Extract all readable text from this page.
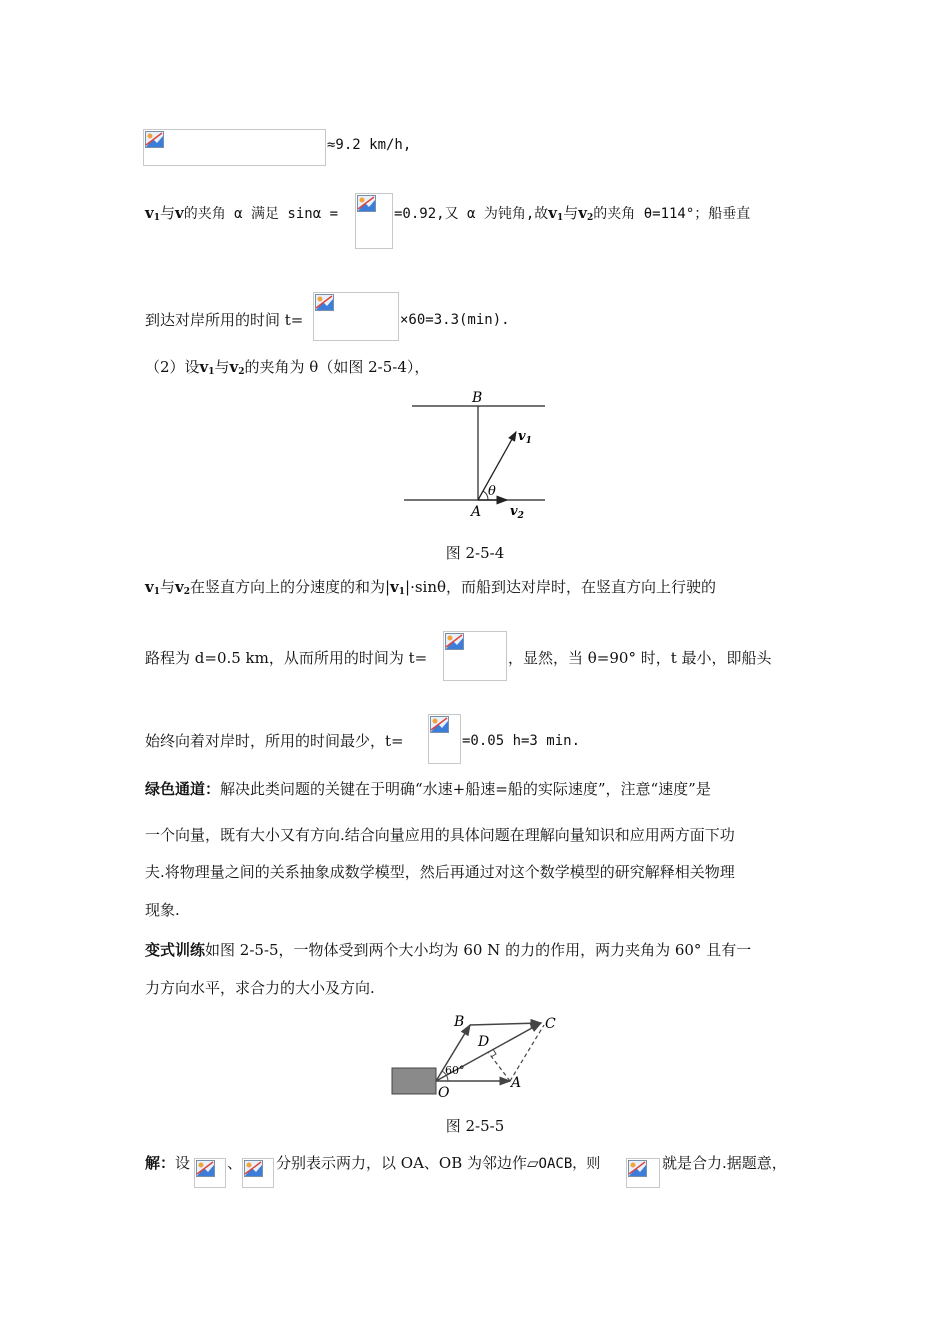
≈9.2 km/h,
$v_1$与v的夹角 α 满足 sinα =	=0.92,又 α 为钝角,故$v_1$与$v_2$的夹角 θ=114°；船垂直
到达对岸所用的时间 t=	×60=3.3(min).
（2）设$v_1$与$v_2$的夹角为 θ（如图 2-5-4），
B
A
θ
$v_1$
$v_2$
图 2-5-4
$v_1$与$v_2$在竖直方向上的分速度的和为$|v_1|\cdot\sin\theta$，而船到达对岸时，在竖直方向上行驶的
路程为 d=0.5 km，从而所用的时间为 t=	，显然，当 θ=90° 时，t 最小，即船头
始终向着对岸时，所用的时间最少，t=	=0.05 h=3 min.
绿色通道：解决此类问题的关键在于明确“水速+船速=船的实际速度”，注意“速度”是
一个向量，既有大小又有方向.结合向量应用的具体问题在理解向量知识和应用两方面下功
夫.将物理量之间的关系抽象成数学模型，然后再通过对这个数学模型的研究解释相关物理
现象.
变式训练如图 2-5-5，一物体受到两个大小均为 60 N 的力的作用，两力夹角为 60° 且有一
力方向水平，求合力的大小及方向.
B	C
D
O
A
60°
图 2-5-5
解：设 、 分别表示两力，以 OA、OB 为邻边作▱OACB，则	就是合力.据题意，
